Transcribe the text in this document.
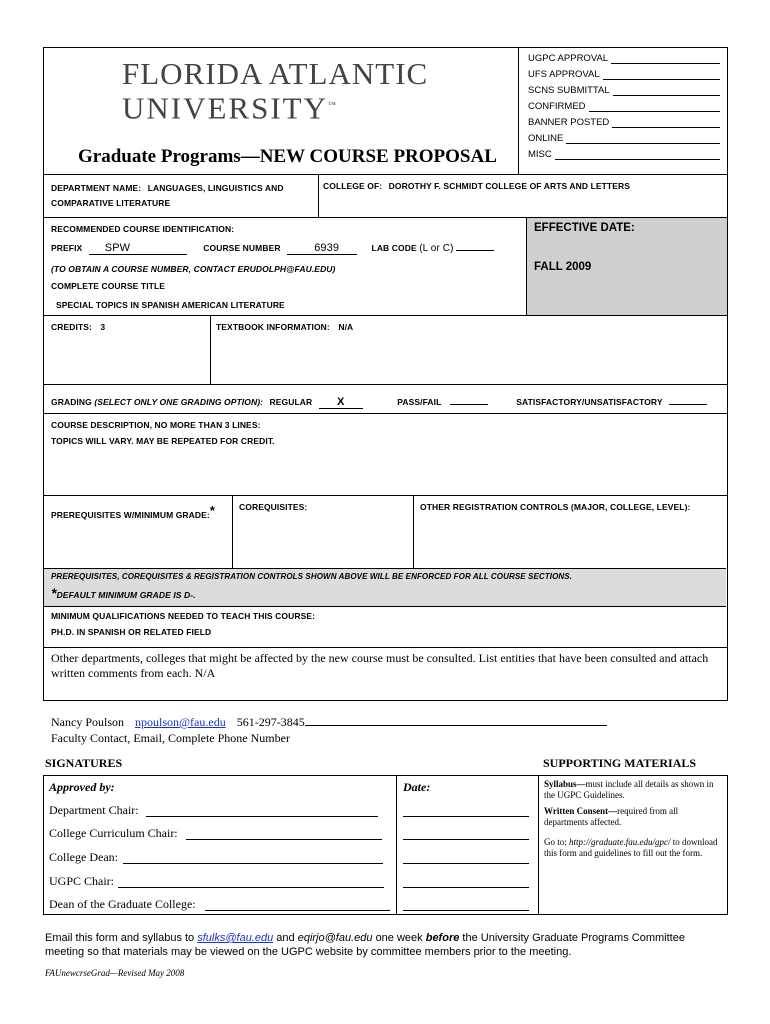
FLORIDA ATLANTIC
UNIVERSITY™
Graduate Programs—NEW COURSE PROPOSAL
UGPC APPROVAL
UFS APPROVAL
SCNS SUBMITTAL
CONFIRMED
BANNER POSTED
ONLINE
MISC
DEPARTMENT NAME: LANGUAGES, LINGUISTICS AND COMPARATIVE LITERATURE
COLLEGE OF: DOROTHY F. SCHMIDT COLLEGE OF ARTS AND LETTERS
EFFECTIVE DATE:
FALL 2009
RECOMMENDED COURSE IDENTIFICATION:
PREFIX SPW	COURSE NUMBER	6939	LAB CODE (L or C)
(TO OBTAIN A COURSE NUMBER, CONTACT ERUDOLPH@FAU.EDU)
COMPLETE COURSE TITLE
SPECIAL TOPICS IN SPANISH AMERICAN LITERATURE
CREDITS: 3	TEXTBOOK INFORMATION: N/A
GRADING (SELECT ONLY ONE GRADING OPTION): REGULAR X	PASS/FAIL	SATISFACTORY/UNSATISFACTORY
COURSE DESCRIPTION, NO MORE THAN 3 LINES:
TOPICS WILL VARY. MAY BE REPEATED FOR CREDIT.
PREREQUISITES W/MINIMUM GRADE:*	COREQUISITES:	OTHER REGISTRATION CONTROLS (MAJOR, COLLEGE, LEVEL):
PREREQUISITES, COREQUISITES & REGISTRATION CONTROLS SHOWN ABOVE WILL BE ENFORCED FOR ALL COURSE SECTIONS.
*DEFAULT MINIMUM GRADE IS D-.
MINIMUM QUALIFICATIONS NEEDED TO TEACH THIS COURSE:
PH.D. IN SPANISH OR RELATED FIELD
Other departments, colleges that might be affected by the new course must be consulted. List entities that have been consulted and attach written comments from each. N/A
Nancy Poulson npoulson@fau.edu 561-297-3845
Faculty Contact, Email, Complete Phone Number
SIGNATURES	SUPPORTING MATERIALS
Approved by:	Date:
Department Chair:
College Curriculum Chair:
College Dean:
UGPC Chair:
Dean of the Graduate College:
Syllabus—must include all details as shown in the UGPC Guidelines.
Written Consent—required from all departments affected.
Go to: http://graduate.fau.edu/gpc/ to download this form and guidelines to fill out the form.
Email this form and syllabus to sfulks@fau.edu and eqirjo@fau.edu one week before the University Graduate Programs Committee meeting so that materials may be viewed on the UGPC website by committee members prior to the meeting.
FAUnewcrseGrad—Revised May 2008
